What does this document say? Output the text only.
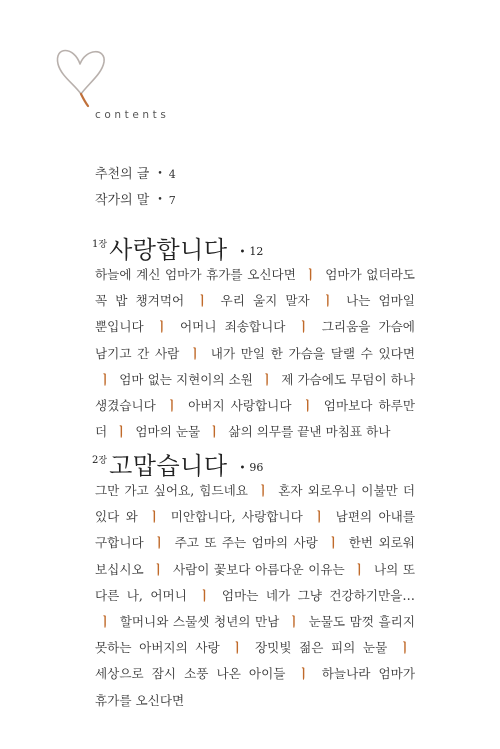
contents
추천의 글 • 4
작가의 말 • 7
$^{1장}$사랑합니다 • 12
하늘에 계신 엄마가 휴가를 오신다면 ㅣ 엄마가 없더라도 꼭 밥 챙겨먹어 ㅣ 우리 울지 말자 ㅣ 나는 엄마일 뿐입니다 ㅣ 어머니 죄송합니다 ㅣ 그리움을 가슴에 남기고 간 사람 ㅣ 내가 만일 한 가슴을 달랠 수 있다면 ㅣ 엄마 없는 지현이의 소원 ㅣ 제 가슴에도 무덤이 하나 생겼습니다 ㅣ 아버지 사랑합니다 ㅣ 엄마보다 하루만 더 ㅣ 엄마의 눈물 ㅣ 삶의 의무를 끝낸 마침표 하나
$^{2장}$고맙습니다 • 96
그만 가고 싶어요, 힘드네요 ㅣ 혼자 외로우니 이불만 더 있다 와 ㅣ 미안합니다, 사랑합니다 ㅣ 남편의 아내를 구합니다 ㅣ 주고 또 주는 엄마의 사랑 ㅣ 한번 외로워 보십시오 ㅣ 사람이 꽃보다 아름다운 이유는 ㅣ 나의 또 다른 나, 어머니 ㅣ 엄마는 네가 그냥 건강하기만을… ㅣ 할머니와 스물셋 청년의 만남 ㅣ 눈물도 맘껏 흘리지 못하는 아버지의 사랑 ㅣ 장밋빛 젊은 피의 눈물 ㅣ 세상으로 잠시 소풍 나온 아이들 ㅣ 하늘나라 엄마가 휴가를 오신다면
